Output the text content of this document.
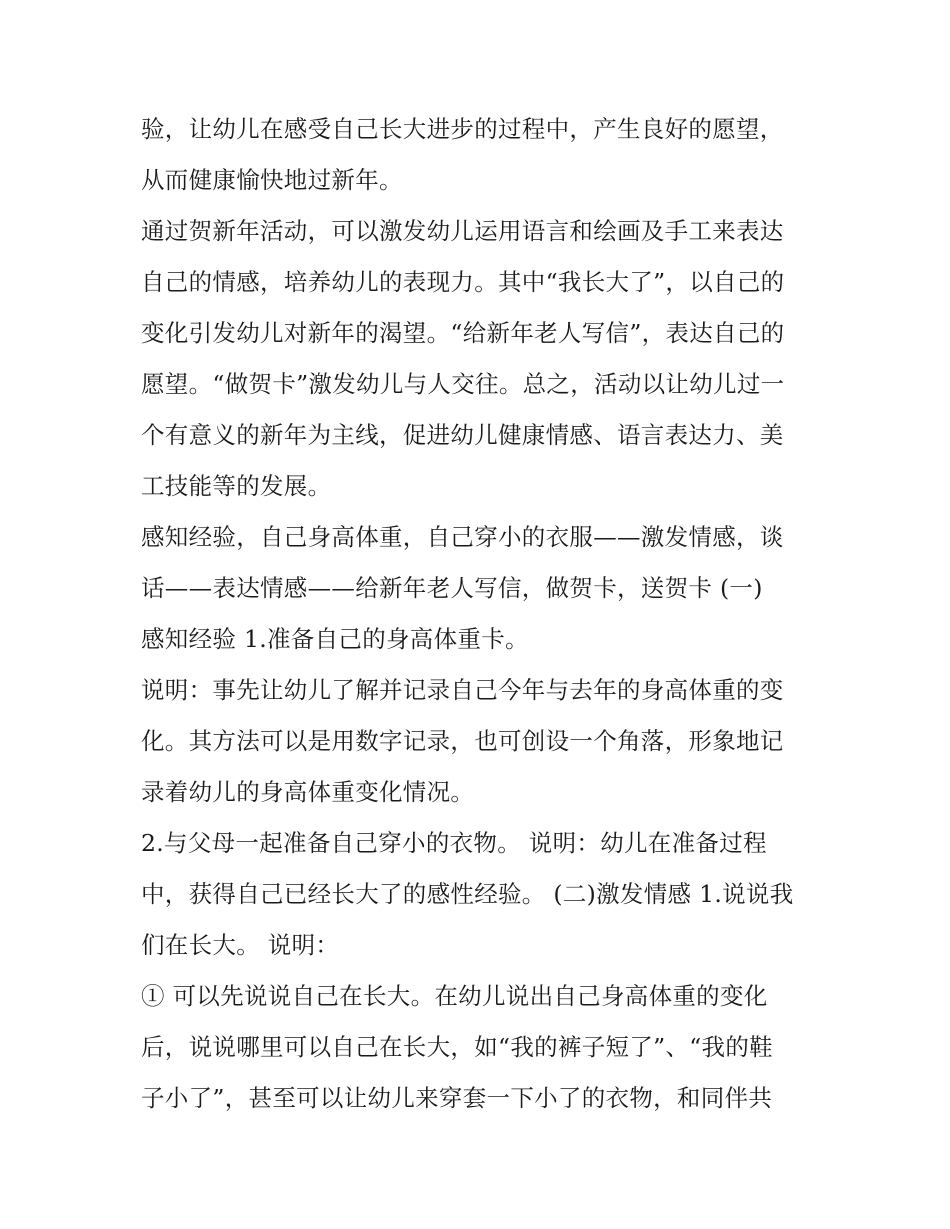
验，让幼儿在感受自己长大进步的过程中，产生良好的愿望，
从而健康愉快地过新年。
通过贺新年活动，可以激发幼儿运用语言和绘画及手工来表达
自己的情感，培养幼儿的表现力。其中“我长大了”，以自己的
变化引发幼儿对新年的渴望。“给新年老人写信”，表达自己的
愿望。“做贺卡”激发幼儿与人交往。总之，活动以让幼儿过一
个有意义的新年为主线，促进幼儿健康情感、语言表达力、美
工技能等的发展。
感知经验，自己身高体重，自己穿小的衣服——激发情感，谈
话——表达情感——给新年老人写信，做贺卡，送贺卡 (一)
感知经验 1.准备自己的身高体重卡。
说明：事先让幼儿了解并记录自己今年与去年的身高体重的变
化。其方法可以是用数字记录，也可创设一个角落，形象地记
录着幼儿的身高体重变化情况。
2.与父母一起准备自己穿小的衣物。 说明：幼儿在准备过程
中，获得自己已经长大了的感性经验。 (二)激发情感 1.说说我
们在长大。 说明：
① 可以先说说自己在长大。在幼儿说出自己身高体重的变化
后，说说哪里可以自己在长大，如“我的裤子短了”、“我的鞋
子小了”，甚至可以让幼儿来穿套一下小了的衣物，和同伴共
